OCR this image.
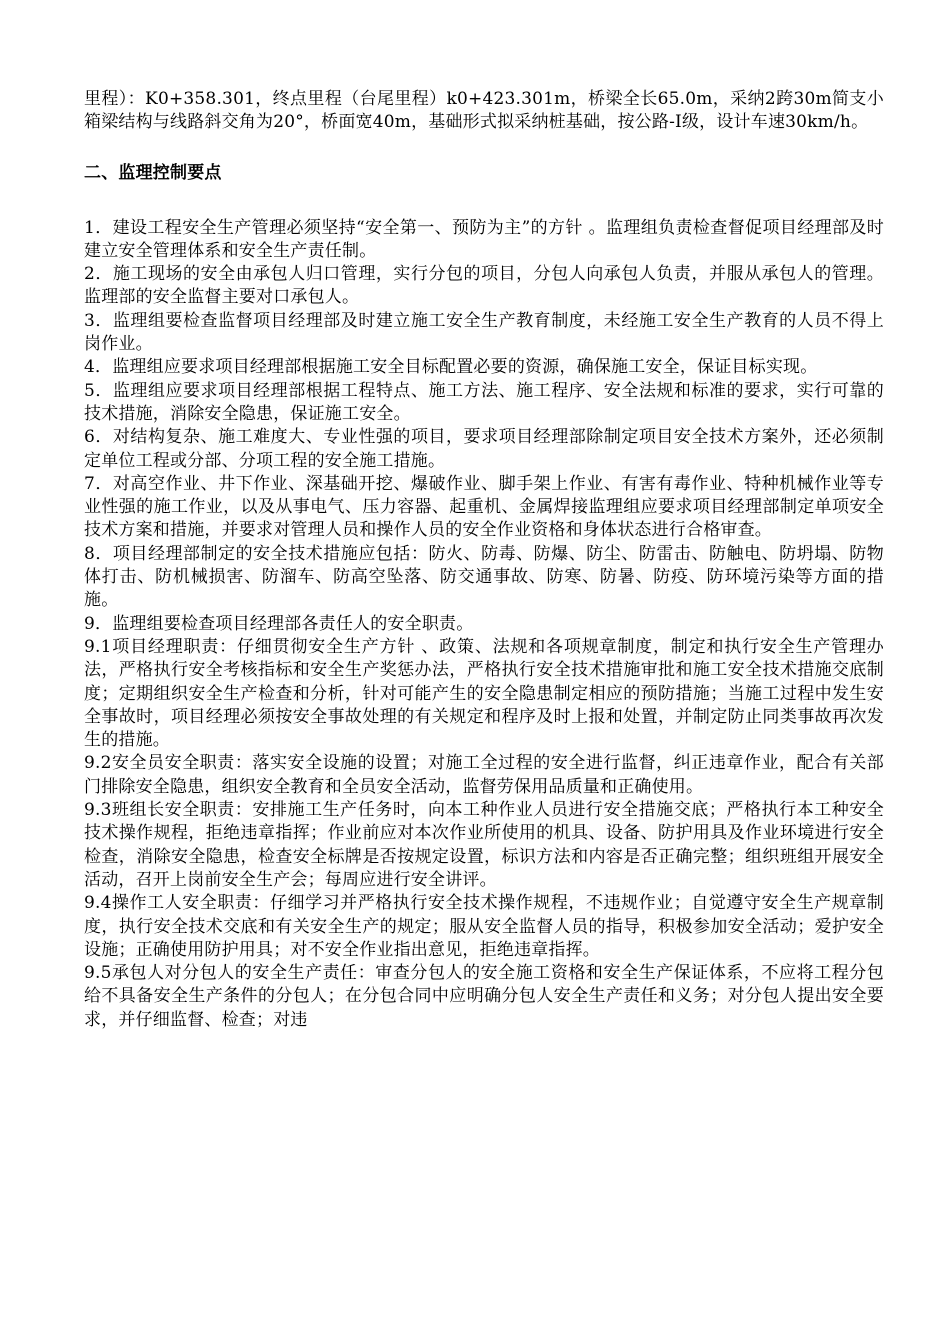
里程）：K0+358.301，终点里程（台尾里程）k0+423.301m，桥梁全长65.0m，采纳2跨30m简支小箱梁结构与线路斜交角为20°，桥面宽40m，基础形式拟采纳桩基础，按公路-I级，设计车速30km/h。

二、监理控制要点

1．建设工程安全生产管理必须坚持“安全第一、预防为主”的方针 。监理组负责检查督促项目经理部及时建立安全管理体系和安全生产责任制。

2．施工现场的安全由承包人归口管理，实行分包的项目，分包人向承包人负责，并服从承包人的管理。监理部的安全监督主要对口承包人。

3．监理组要检查监督项目经理部及时建立施工安全生产教育制度，未经施工安全生产教育的人员不得上岗作业。

4．监理组应要求项目经理部根据施工安全目标配置必要的资源，确保施工安全，保证目标实现。

5．监理组应要求项目经理部根据工程特点、施工方法、施工程序、安全法规和标准的要求，实行可靠的技术措施，消除安全隐患，保证施工安全。

6．对结构复杂、施工难度大、专业性强的项目，要求项目经理部除制定项目安全技术方案外，还必须制定单位工程或分部、分项工程的安全施工措施。

7．对高空作业、井下作业、深基础开挖、爆破作业、脚手架上作业、有害有毒作业、特种机械作业等专业性强的施工作业，以及从事电气、压力容器、起重机、金属焊接监理组应要求项目经理部制定单项安全技术方案和措施，并要求对管理人员和操作人员的安全作业资格和身体状态进行合格审查。

8．项目经理部制定的安全技术措施应包括：防火、防毒、防爆、防尘、防雷击、防触电、防坍塌、防物体打击、防机械损害、防溜车、防高空坠落、防交通事故、防寒、防暑、防疫、防环境污染等方面的措施。

9．监理组要检查项目经理部各责任人的安全职责。

9.1项目经理职责：仔细贯彻安全生产方针 、政策、法规和各项规章制度，制定和执行安全生产管理办法，严格执行安全考核指标和安全生产奖惩办法，严格执行安全技术措施审批和施工安全技术措施交底制度；定期组织安全生产检查和分析，针对可能产生的安全隐患制定相应的预防措施；当施工过程中发生安全事故时，项目经理必须按安全事故处理的有关规定和程序及时上报和处置，并制定防止同类事故再次发生的措施。

9.2安全员安全职责：落实安全设施的设置；对施工全过程的安全进行监督，纠正违章作业，配合有关部门排除安全隐患，组织安全教育和全员安全活动，监督劳保用品质量和正确使用。

9.3班组长安全职责：安排施工生产任务时，向本工种作业人员进行安全措施交底；严格执行本工种安全技术操作规程，拒绝违章指挥；作业前应对本次作业所使用的机具、设备、防护用具及作业环境进行安全检查，消除安全隐患，检查安全标牌是否按规定设置，标识方法和内容是否正确完整；组织班组开展安全活动，召开上岗前安全生产会；每周应进行安全讲评。

9.4操作工人安全职责：仔细学习并严格执行安全技术操作规程，不违规作业；自觉遵守安全生产规章制度，执行安全技术交底和有关安全生产的规定；服从安全监督人员的指导，积极参加安全活动；爱护安全设施；正确使用防护用具；对不安全作业指出意见，拒绝违章指挥。

9.5承包人对分包人的安全生产责任：审查分包人的安全施工资格和安全生产保证体系，不应将工程分包给不具备安全生产条件的分包人；在分包合同中应明确分包人安全生产责任和义务；对分包人提出安全要求，并仔细监督、检查；对违
